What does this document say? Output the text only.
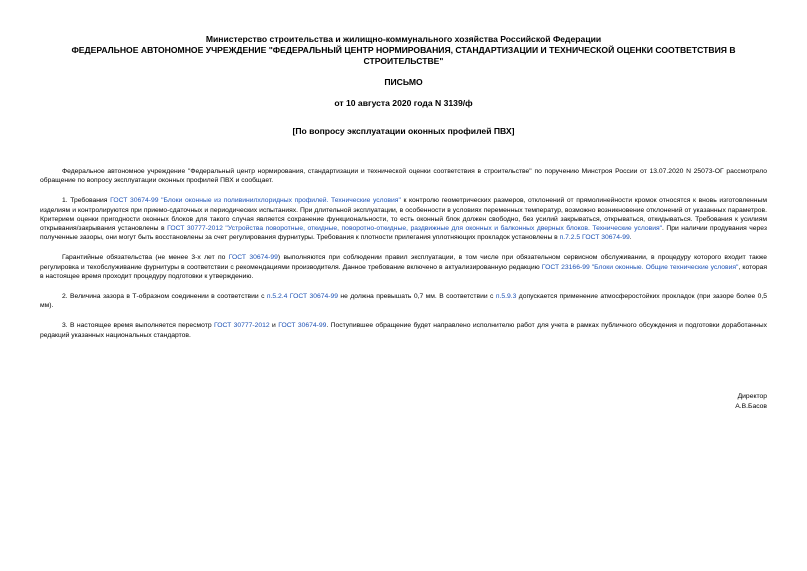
Министерство строительства и жилищно-коммунального хозяйства Российской Федерации
ФЕДЕРАЛЬНОЕ АВТОНОМНОЕ УЧРЕЖДЕНИЕ "ФЕДЕРАЛЬНЫЙ ЦЕНТР НОРМИРОВАНИЯ, СТАНДАРТИЗАЦИИ И ТЕХНИЧЕСКОЙ ОЦЕНКИ СООТВЕТСТВИЯ В СТРОИТЕЛЬСТВЕ"
ПИСЬМО
от 10 августа 2020 года N 3139/ф
[По вопросу эксплуатации оконных профилей ПВХ]

Федеральное автономное учреждение "Федеральный центр нормирования, стандартизации и технической оценки соответствия в строительстве" по поручению Минстроя России от 13.07.2020 N 25073-ОГ рассмотрело обращение по вопросу эксплуатации оконных профилей ПВХ и сообщает.

1. Требования ГОСТ 30674-99 "Блоки оконные из поливинилхлоридных профилей. Технические условия" к контролю геометрических размеров, отклонений от прямолинейности кромок относятся к вновь изготовленным изделиям и контролируются при приемо-сдаточных и периодических испытаниях. При длительной эксплуатации, в особенности в условиях переменных температур, возможно возникновение отклонений от указанных параметров. Критерием оценки пригодности оконных блоков для такого случая является сохранение функциональности, то есть оконный блок должен свободно, без усилий закрываться, открываться, откидываться. Требования к усилиям открывания/закрывания установлены в ГОСТ 30777-2012 "Устройства поворотные, откидные, поворотно-откидные, раздвижные для оконных и балконных дверных блоков. Технические условия". При наличии продувания через полученные зазоры, они могут быть восстановлены за счет регулирования фурнитуры. Требования к плотности прилегания уплотняющих прокладок установлены в п.7.2.5 ГОСТ 30674-99.

Гарантийные обязательства (не менее 3-х лет по ГОСТ 30674-99) выполняются при соблюдении правил эксплуатации, в том числе при обязательном сервисном обслуживании, в процедуру которого входит также регулировка и техобслуживание фурнитуры в соответствии с рекомендациями производителя. Данное требование включено в актуализированную редакцию ГОСТ 23166-99 "Блоки оконные. Общие технические условия", которая в настоящее время проходит процедуру подготовки к утверждению.

2. Величина зазора в Т-образном соединении в соответствии с п.5.2.4 ГОСТ 30674-99 не должна превышать 0,7 мм. В соответствии с п.5.9.3 допускается применение атмосферостойких прокладок (при зазоре более 0,5 мм).

3. В настоящее время выполняется пересмотр ГОСТ 30777-2012 и ГОСТ 30674-99. Поступившее обращение будет направлено исполнителю работ для учета в рамках публичного обсуждения и подготовки доработанных редакций указанных национальных стандартов.

Директор
А.В.Басов
